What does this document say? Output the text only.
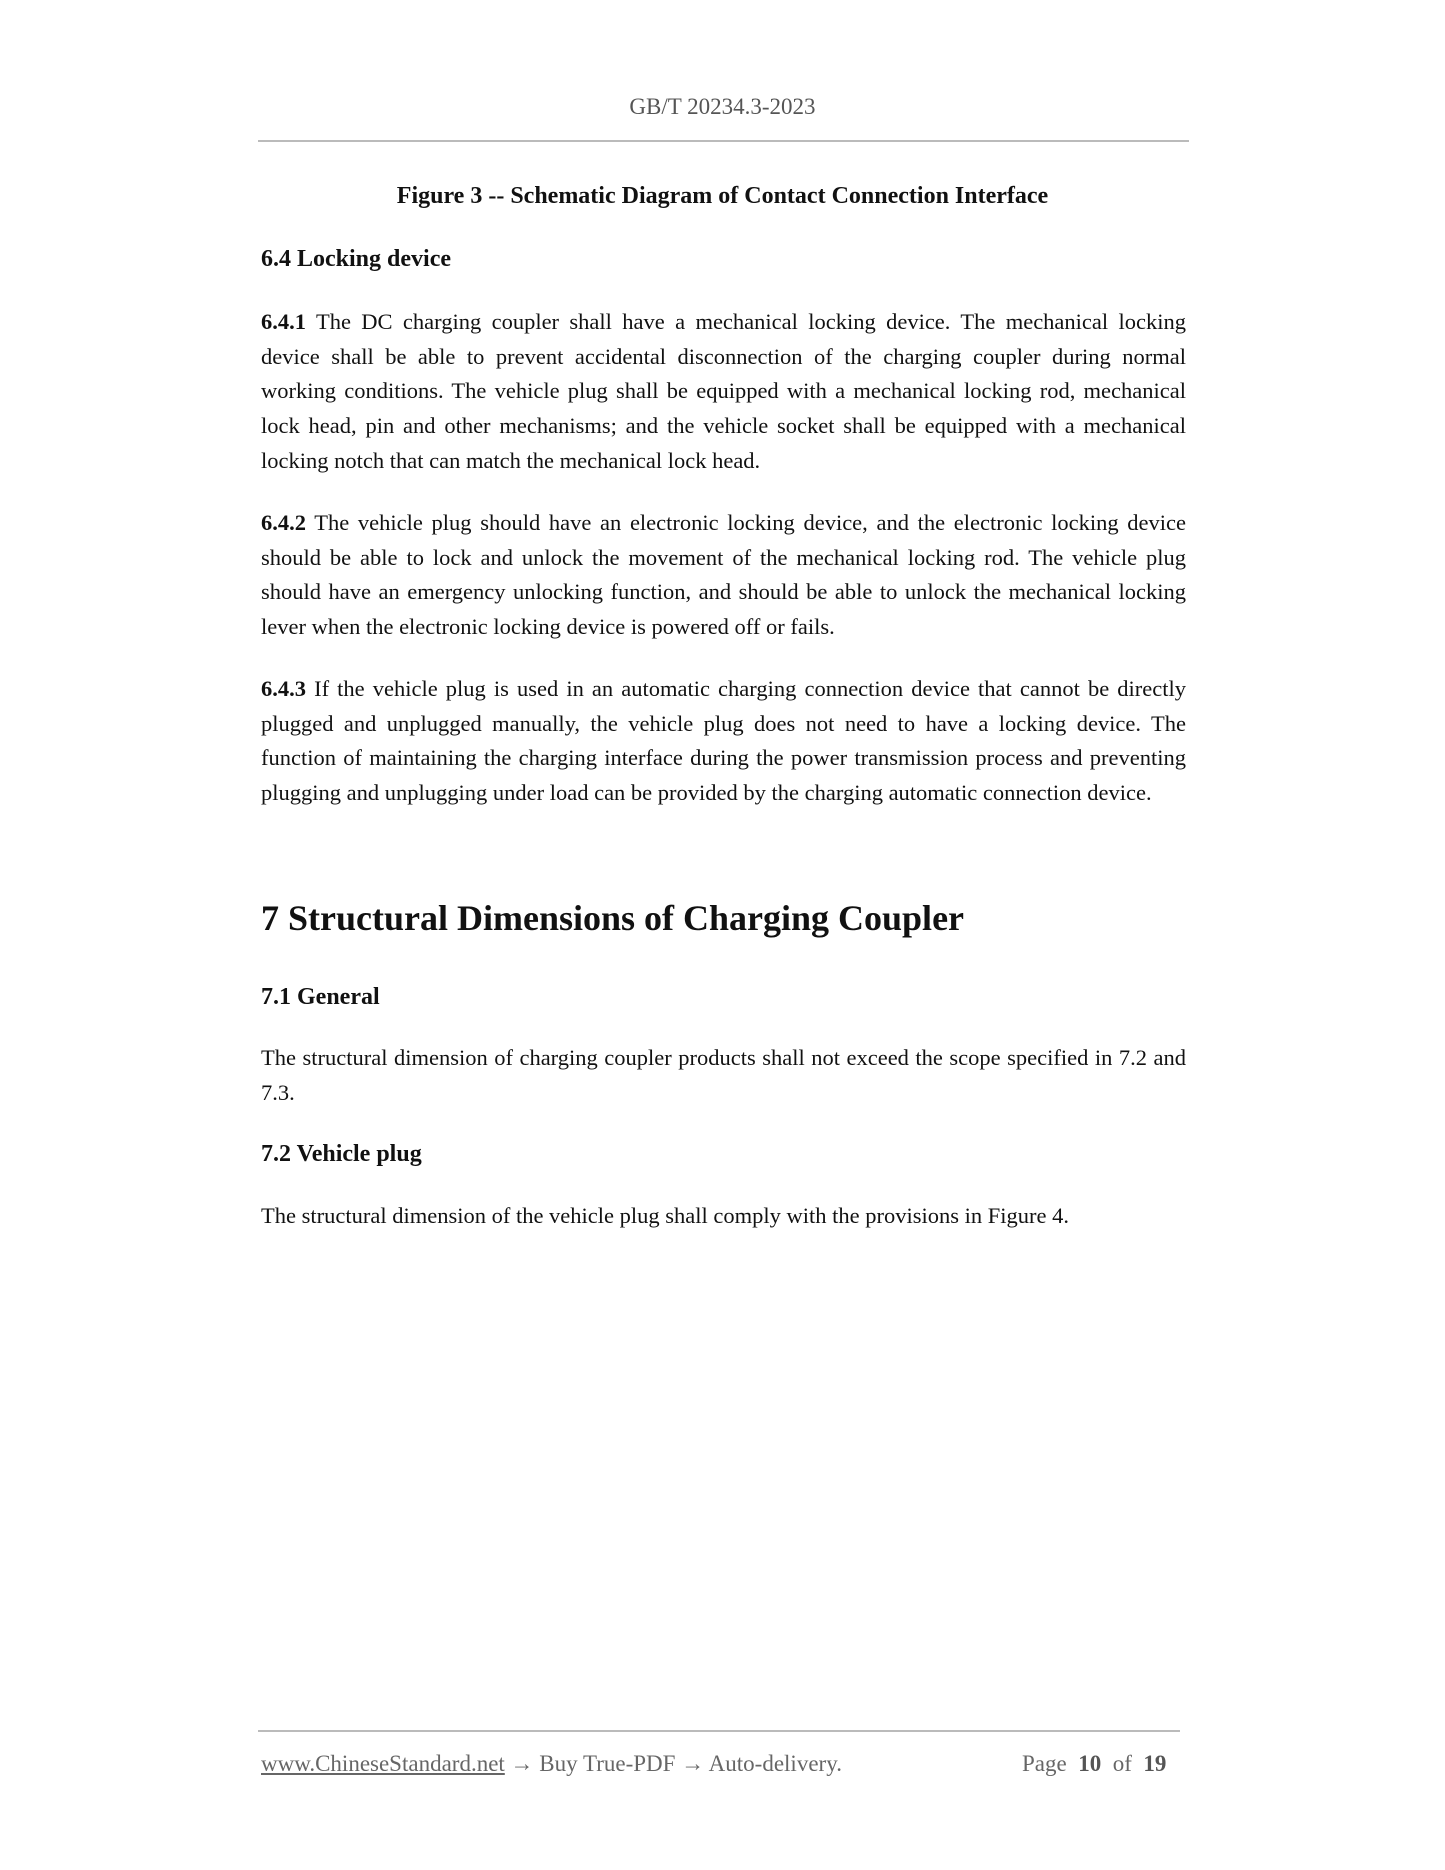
GB/T 20234.3-2023
Figure 3 -- Schematic Diagram of Contact Connection Interface
6.4 Locking device
6.4.1 The DC charging coupler shall have a mechanical locking device. The mechanical locking device shall be able to prevent accidental disconnection of the charging coupler during normal working conditions. The vehicle plug shall be equipped with a mechanical locking rod, mechanical lock head, pin and other mechanisms; and the vehicle socket shall be equipped with a mechanical locking notch that can match the mechanical lock head.
6.4.2 The vehicle plug should have an electronic locking device, and the electronic locking device should be able to lock and unlock the movement of the mechanical locking rod. The vehicle plug should have an emergency unlocking function, and should be able to unlock the mechanical locking lever when the electronic locking device is powered off or fails.
6.4.3 If the vehicle plug is used in an automatic charging connection device that cannot be directly plugged and unplugged manually, the vehicle plug does not need to have a locking device. The function of maintaining the charging interface during the power transmission process and preventing plugging and unplugging under load can be provided by the charging automatic connection device.
7 Structural Dimensions of Charging Coupler
7.1 General
The structural dimension of charging coupler products shall not exceed the scope specified in 7.2 and 7.3.
7.2 Vehicle plug
The structural dimension of the vehicle plug shall comply with the provisions in Figure 4.
www.ChineseStandard.net → Buy True-PDF → Auto-delivery.	Page 10 of 19
